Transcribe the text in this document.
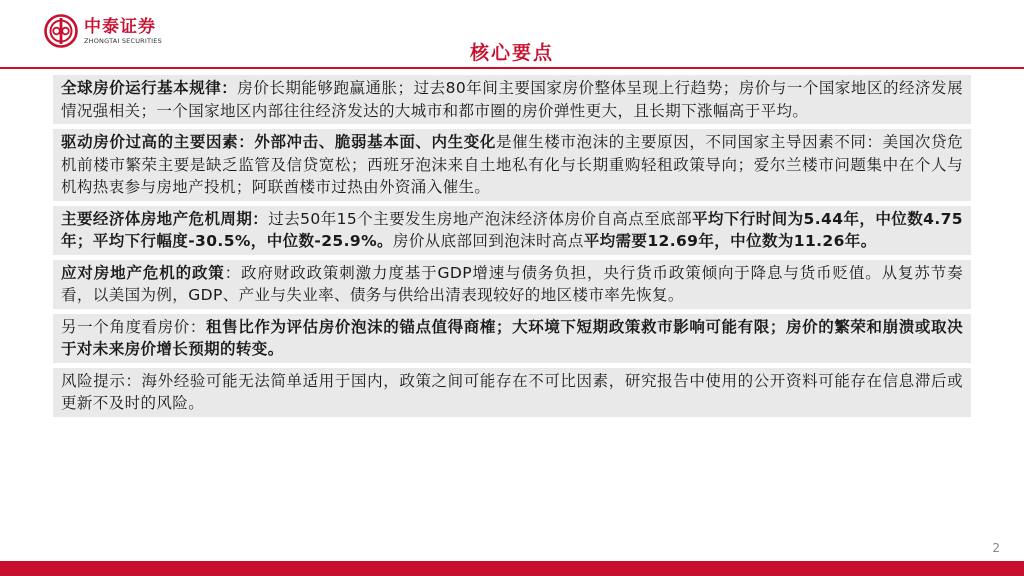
中泰证券
ZHONGTAI SECURITIES
核心要点
全球房价运行基本规律：房价长期能够跑赢通胀；过去80年间主要国家房价整体呈现上行趋势；房价与一个国家地区的经济发展情况强相关；一个国家地区内部往往经济发达的大城市和都市圈的房价弹性更大，且长期下涨幅高于平均。
驱动房价过高的主要因素：外部冲击、脆弱基本面、内生变化是催生楼市泡沫的主要原因，不同国家主导因素不同：美国次贷危机前楼市繁荣主要是缺乏监管及信贷宽松；西班牙泡沫来自土地私有化与长期重购轻租政策导向；爱尔兰楼市问题集中在个人与机构热衷参与房地产投机；阿联酋楼市过热由外资涌入催生。
主要经济体房地产危机周期：过去50年15个主要发生房地产泡沫经济体房价自高点至底部平均下行时间为5.44年，中位数4.75年；平均下行幅度-30.5%，中位数-25.9%。房价从底部回到泡沫时高点平均需要12.69年，中位数为11.26年。
应对房地产危机的政策：政府财政政策刺激力度基于GDP增速与债务负担，央行货币政策倾向于降息与货币贬值。从复苏节奏看，以美国为例，GDP、产业与失业率、债务与供给出清表现较好的地区楼市率先恢复。
另一个角度看房价：租售比作为评估房价泡沫的锚点值得商榷；大环境下短期政策救市影响可能有限；房价的繁荣和崩溃或取决于对未来房价增长预期的转变。
风险提示：海外经验可能无法简单适用于国内，政策之间可能存在不可比因素，研究报告中使用的公开资料可能存在信息滞后或更新不及时的风险。
2
